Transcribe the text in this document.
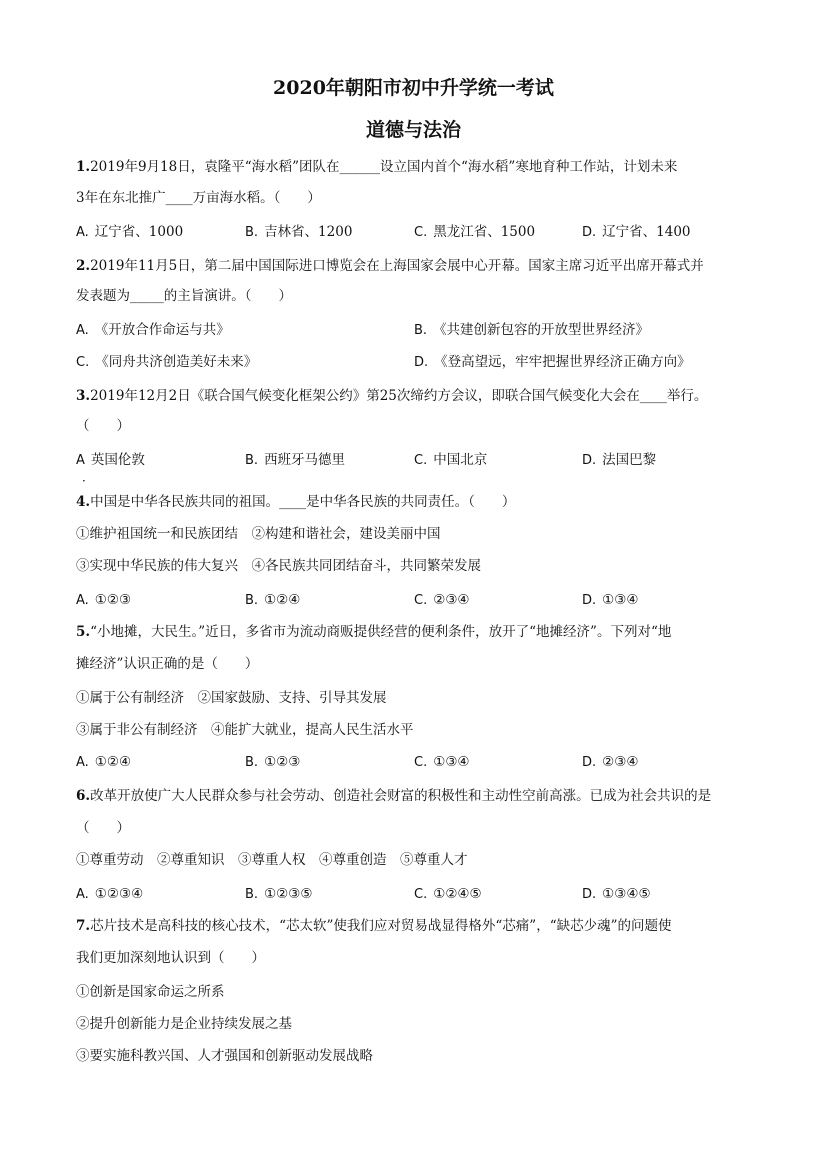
2020年朝阳市初中升学统一考试
道德与法治
1.2019年9月18日，袁隆平“海水稻”团队在______设立国内首个“海水稻”寒地育种工作站，计划未来
3年在东北推广____万亩海水稻。（　　）
A. 辽宁省、1000	B. 吉林省、1200	C. 黑龙江省、1500	D. 辽宁省、1400
2.2019年11月5日，第二届中国国际进口博览会在上海国家会展中心开幕。国家主席习近平出席开幕式并
发表题为_____的主旨演讲。（　　）
A. 《开放合作命运与共》	B. 《共建创新包容的开放型世界经济》
C. 《同舟共济创造美好未来》	D. 《登高望远，牢牢把握世界经济正确方向》
3.2019年12月2日《联合国气候变化框架公约》第25次缔约方会议，即联合国气候变化大会在____举行。
（　　）
A 英国伦敦
·
B. 西班牙马德里	C. 中国北京	D. 法国巴黎
4.中国是中华各民族共同的祖国。____是中华各民族的共同责任。（　　）
①维护祖国统一和民族团结　②构建和谐社会，建设美丽中国
③实现中华民族的伟大复兴　④各民族共同团结奋斗，共同繁荣发展
A. ①②③	B. ①②④	C. ②③④	D. ①③④
5.“小地摊，大民生。”近日，多省市为流动商贩提供经营的便利条件，放开了“地摊经济”。下列对“地
摊经济”认识正确的是（　　）
①属于公有制经济　②国家鼓励、支持、引导其发展
③属于非公有制经济　④能扩大就业，提高人民生活水平
A. ①②④	B. ①②③	C. ①③④	D. ②③④
6.改革开放使广大人民群众参与社会劳动、创造社会财富的积极性和主动性空前高涨。已成为社会共识的是
（　　）
①尊重劳动　②尊重知识　③尊重人权　④尊重创造　⑤尊重人才
A. ①②③④	B. ①②③⑤	C. ①②④⑤	D. ①③④⑤
7.芯片技术是高科技的核心技术，“芯太软”使我们应对贸易战显得格外“芯痛”，“缺芯少魂”的问题使
我们更加深刻地认识到（　　）
①创新是国家命运之所系
②提升创新能力是企业持续发展之基
③要实施科教兴国、人才强国和创新驱动发展战略
